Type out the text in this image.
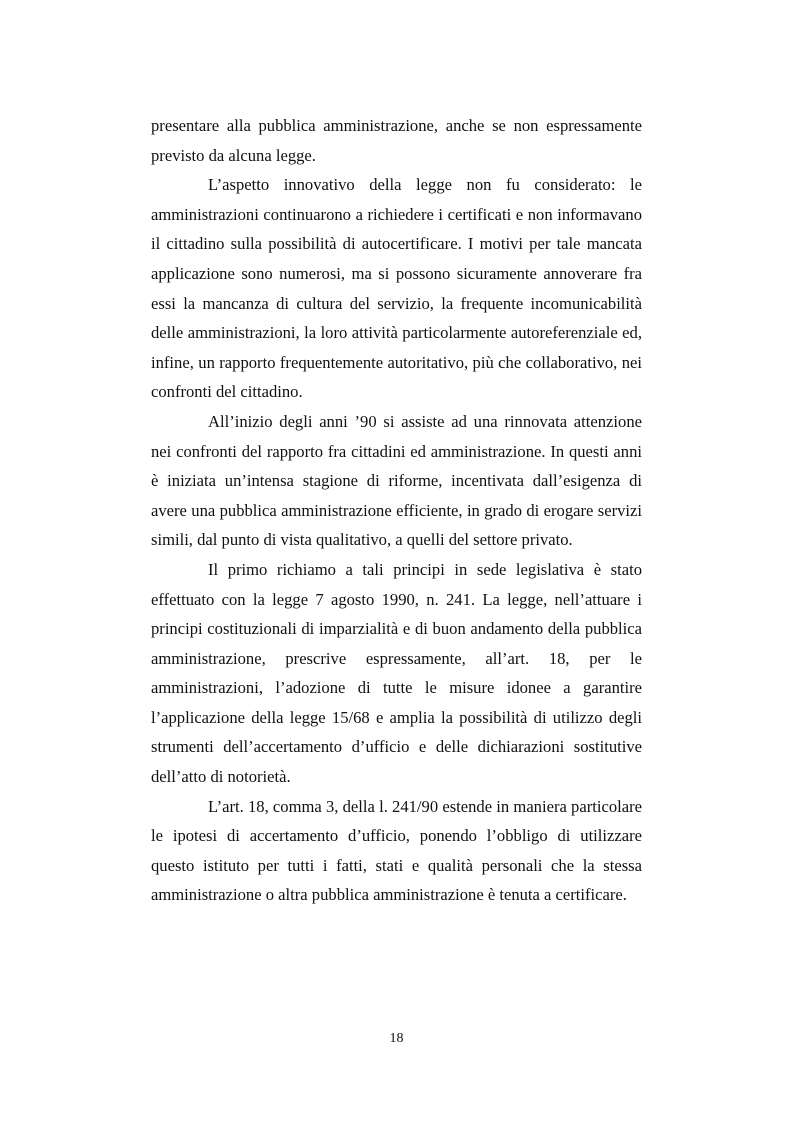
presentare alla pubblica amministrazione, anche se non espressamente previsto da alcuna legge.

L’aspetto innovativo della legge non fu considerato: le amministrazioni continuarono a richiedere i certificati e non informavano il cittadino sulla possibilità di autocertificare. I motivi per tale mancata applicazione sono numerosi, ma si possono sicuramente annoverare fra essi la mancanza di cultura del servizio, la frequente incomunicabilità delle amministrazioni, la loro attività particolarmente autoreferenziale ed, infine, un rapporto frequentemente autoritativo, più che collaborativo, nei confronti del cittadino.

All’inizio degli anni ’90 si assiste ad una rinnovata attenzione nei confronti del rapporto fra cittadini ed amministrazione. In questi anni è iniziata un’intensa stagione di riforme, incentivata dall’esigenza di avere una pubblica amministrazione efficiente, in grado di erogare servizi simili, dal punto di vista qualitativo, a quelli del settore privato.

Il primo richiamo a tali principi in sede legislativa è stato effettuato con la legge 7 agosto 1990, n. 241. La legge, nell’attuare i principi costituzionali di imparzialità e di buon andamento della pubblica amministrazione, prescrive espressamente, all’art. 18, per le amministrazioni, l’adozione di tutte le misure idonee a garantire l’applicazione della legge 15/68 e amplia la possibilità di utilizzo degli strumenti dell’accertamento d’ufficio e delle dichiarazioni sostitutive dell’atto di notorietà.

L’art. 18, comma 3, della l. 241/90 estende in maniera particolare le ipotesi di accertamento d’ufficio, ponendo l’obbligo di utilizzare questo istituto per tutti i fatti, stati e qualità personali che la stessa amministrazione o altra pubblica amministrazione è tenuta a certificare.

18
